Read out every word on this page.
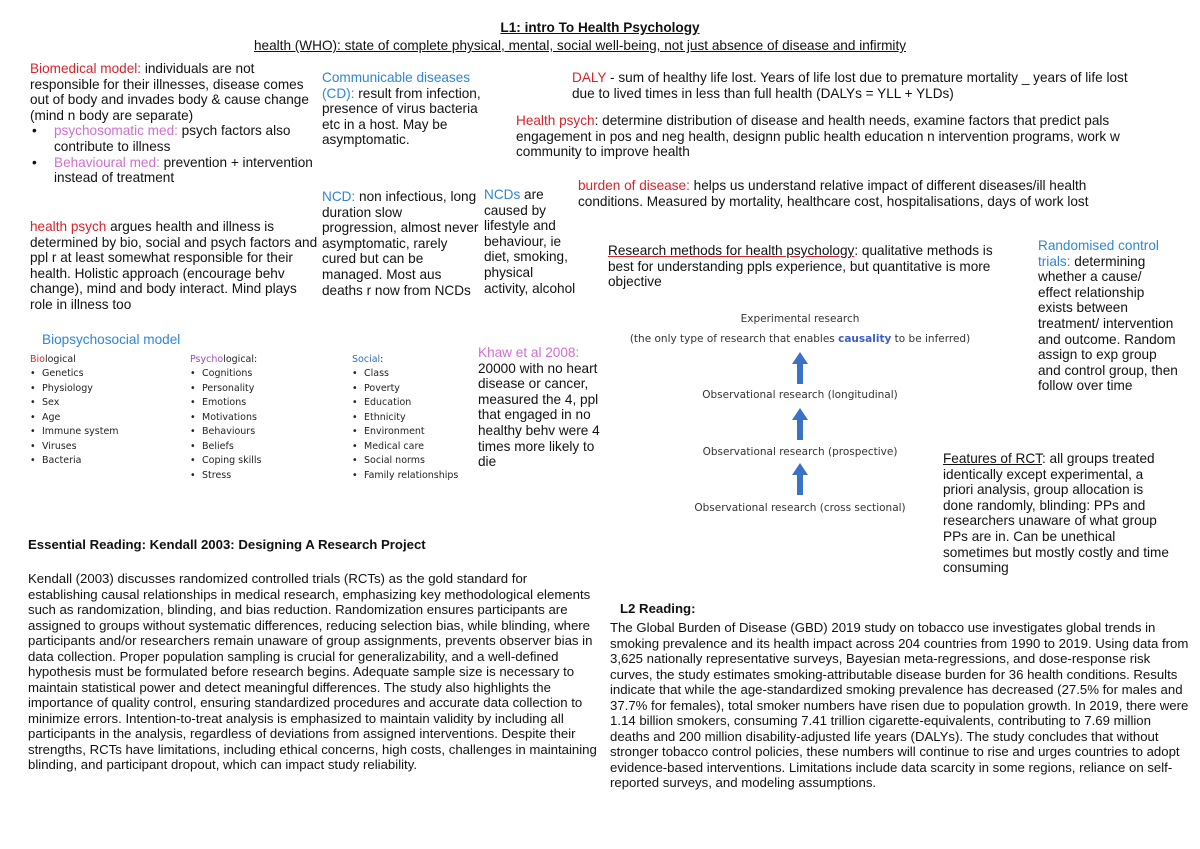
L1: intro To Health Psychology
health (WHO): state of complete physical, mental, social well-being, not just absence of disease and infirmity
Biomedical model: individuals are not responsible for their illnesses, disease comes out of body and invades body & cause change (mind n body are separate)
• psychosomatic med: psych factors also contribute to illness
• Behavioural med: prevention + intervention instead of treatment
health psych argues health and illness is determined by bio, social and psych factors and ppl r at least somewhat responsible for their health. Holistic approach (encourage behv change), mind and body interact. Mind plays role in illness too
Biopsychosocial model
Biological
• Genetics
• Physiology
• Sex
• Age
• Immune system
• Viruses
• Bacteria
Psychological:
• Cognitions
• Personality
• Emotions
• Motivations
• Behaviours
• Beliefs
• Coping skills
• Stress
Social:
• Class
• Poverty
• Education
• Ethnicity
• Environment
• Medical care
• Social norms
• Family relationships
Communicable diseases (CD): result from infection, presence of virus bacteria etc in a host. May be asymptomatic.
NCD: non infectious, long duration slow progression, almost never asymptomatic, rarely cured but can be managed. Most aus deaths r now from NCDs
NCDs are caused by lifestyle and behaviour, ie diet, smoking, physical activity, alcohol
Khaw et al 2008: 20000 with no heart disease or cancer, measured the 4, ppl that engaged in no healthy behv were 4 times more likely to die
DALY - sum of healthy life lost. Years of life lost due to premature mortality _ years of life lost due to lived times in less than full health (DALYs = YLL + YLDs)
Health psych: determine distribution of disease and health needs, examine factors that predict pals engagement in pos and neg health, designn public health education n intervention programs, work w community to improve health
burden of disease: helps us understand relative impact of different diseases/ill health conditions. Measured by mortality, healthcare cost, hospitalisations, days of work lost
Research methods for health psychology: qualitative methods is best for understanding ppls experience, but quantitative is more objective
Experimental research
(the only type of research that enables causality to be inferred)
Observational research (longitudinal)
Observational research (prospective)
Observational research (cross sectional)
Randomised control trials: determining whether a cause/ effect relationship exists between treatment/ intervention and outcome. Random assign to exp group and control group, then follow over time
Features of RCT: all groups treated identically except experimental, a priori analysis, group allocation is done randomly, blinding: PPs and researchers unaware of what group PPs are in. Can be unethical sometimes but mostly costly and time consuming
Essential Reading: Kendall 2003: Designing A Research Project
Kendall (2003) discusses randomized controlled trials (RCTs) as the gold standard for establishing causal relationships in medical research, emphasizing key methodological elements such as randomization, blinding, and bias reduction. Randomization ensures participants are assigned to groups without systematic differences, reducing selection bias, while blinding, where participants and/or researchers remain unaware of group assignments, prevents observer bias in data collection. Proper population sampling is crucial for generalizability, and a well-defined hypothesis must be formulated before research begins. Adequate sample size is necessary to maintain statistical power and detect meaningful differences. The study also highlights the importance of quality control, ensuring standardized procedures and accurate data collection to minimize errors. Intention-to-treat analysis is emphasized to maintain validity by including all participants in the analysis, regardless of deviations from assigned interventions. Despite their strengths, RCTs have limitations, including ethical concerns, high costs, challenges in maintaining blinding, and participant dropout, which can impact study reliability.
L2 Reading:
The Global Burden of Disease (GBD) 2019 study on tobacco use investigates global trends in smoking prevalence and its health impact across 204 countries from 1990 to 2019. Using data from 3,625 nationally representative surveys, Bayesian meta-regressions, and dose-response risk curves, the study estimates smoking-attributable disease burden for 36 health conditions. Results indicate that while the age-standardized smoking prevalence has decreased (27.5% for males and 37.7% for females), total smoker numbers have risen due to population growth. In 2019, there were 1.14 billion smokers, consuming 7.41 trillion cigarette-equivalents, contributing to 7.69 million deaths and 200 million disability-adjusted life years (DALYs). The study concludes that without stronger tobacco control policies, these numbers will continue to rise and urges countries to adopt evidence-based interventions. Limitations include data scarcity in some regions, reliance on self-reported surveys, and modeling assumptions.
